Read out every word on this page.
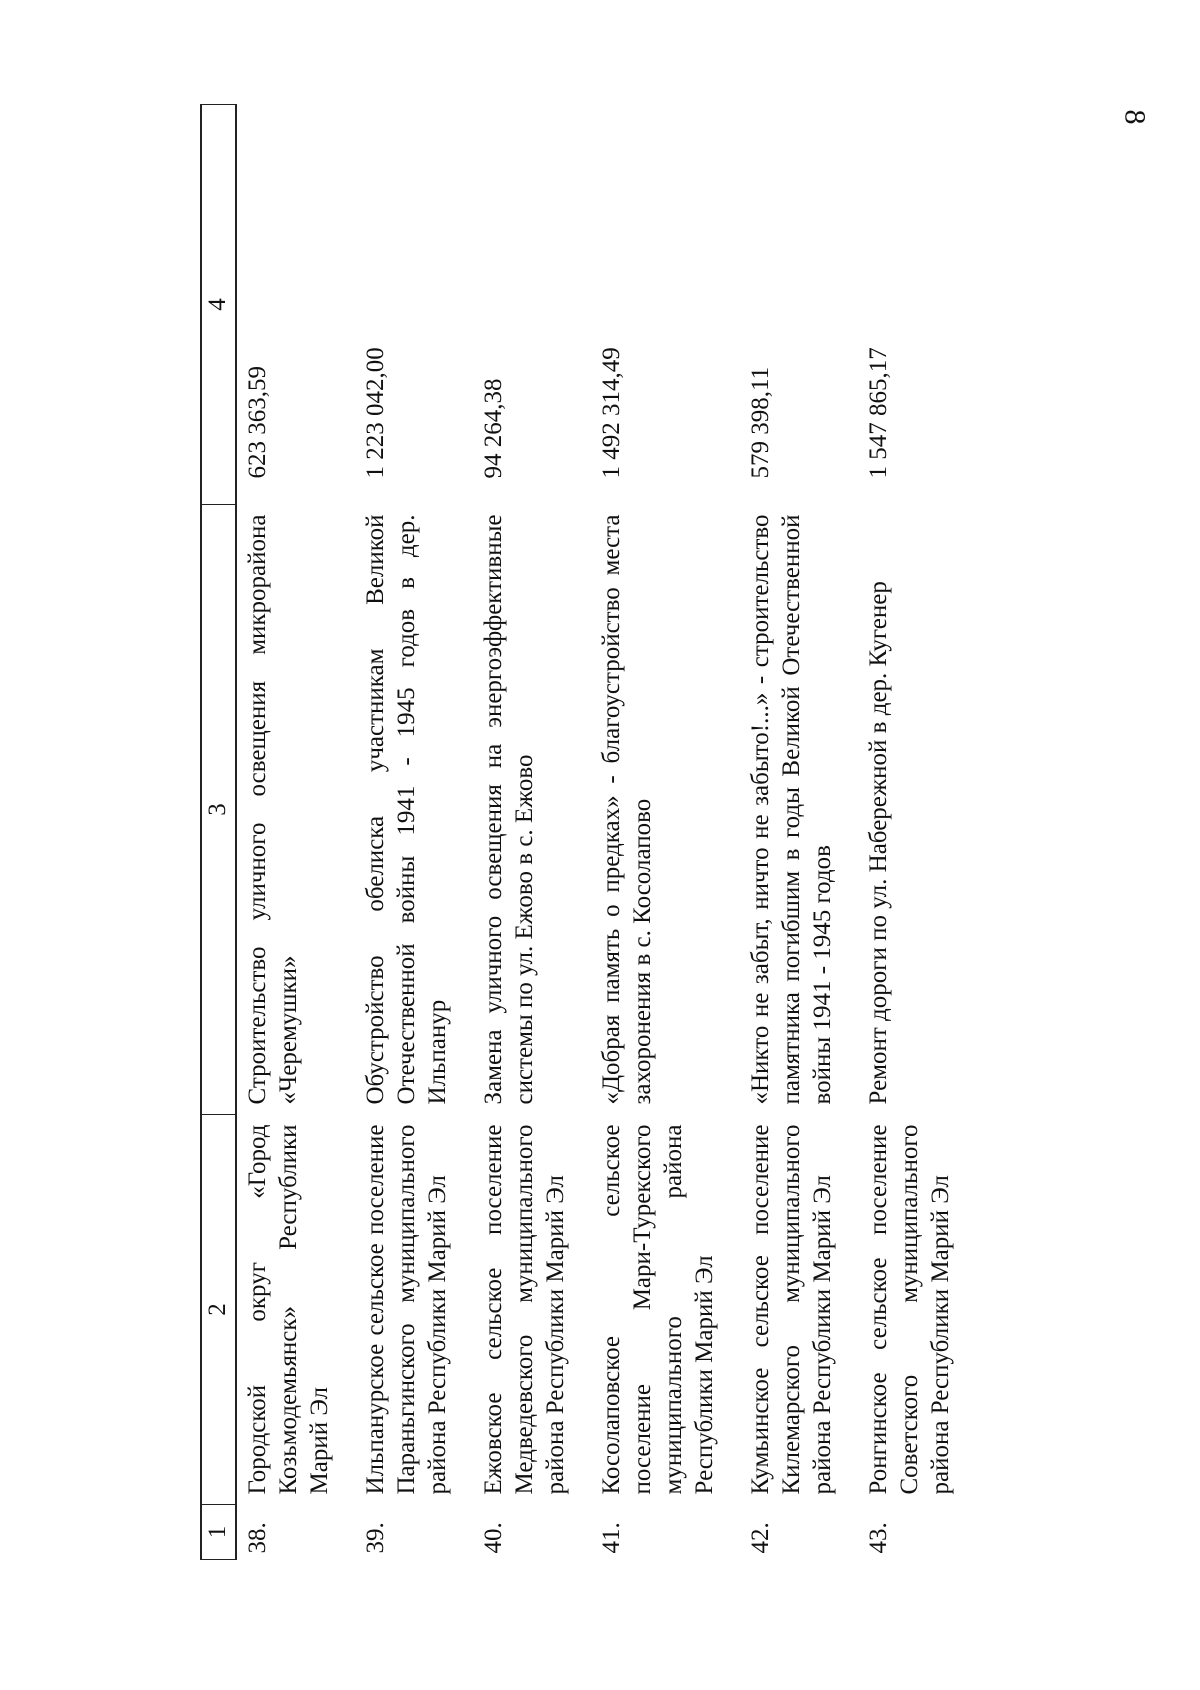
8
1	2	3	4
38.	Городской округ «Город Козьмодемьянск» Республики Марий Эл	Строительство уличного освещения микрорайона «Черемушки»	623 363,59
39.	Ильпанурское сельское поселение Параньгинского муниципального района Республики Марий Эл	Обустройство обелиска участникам Великой Отечественной войны 1941 - 1945 годов в дер. Ильпанур	1 223 042,00
40.	Ежовское сельское поселение Медведевского муниципального района Республики Марий Эл	Замена уличного освещения на энергоэффективные системы по ул. Ежово в с. Ежово	94 264,38
41.	Косолаповское сельское поселение Мари-Турекского муниципального района Республики Марий Эл	«Добрая память о предках» - благоустройство места захоронения в с. Косолапово	1 492 314,49
42.	Кумьинское сельское поселение Килемарского муниципального района Республики Марий Эл	«Никто не забыт, ничто не забыто!...» - строительство памятника погибшим в годы Великой Отечественной войны 1941 - 1945 годов	579 398,11
43.	Ронгинское сельское поселение Советского муниципального района Республики Марий Эл	Ремонт дороги по ул. Набережной в дер. Кугенер	1 547 865,17
